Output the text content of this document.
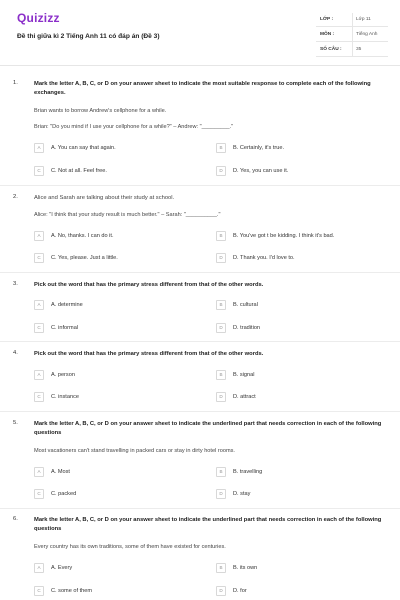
Quizizz
Đề thi giữa kì 2 Tiếng Anh 11 có đáp án (Đề 3)
LỚP :	Lớp 11
MÔN :	Tiếng Anh
SỐ CÂU :	35
1.	Mark the letter A, B, C, or D on your answer sheet to indicate the most suitable response to complete each of the following exchanges.
Brian wants to borrow Andrew's cellphone for a while.
Brian: "Do you mind if I use your cellphone for a while?" – Andrew: "_________."
A	A. You can say that again.	B	B. Certainly, it's true.
C	C. Not at all. Feel free.	D	D. Yes, you can use it.
2.	Alice and Sarah are talking about their study at school.
Alice: "I think that your study result is much better." – Sarah: "__________."
A	A. No, thanks. I can do it.	B	B. You've got t be kidding. I think it's bad.
C	C. Yes, please. Just a little.	D	D. Thank you. I'd love to.
3.	Pick out the word that has the primary stress different from that of the other words.
A	A. determine	B	B. cultural
C	C. informal	D	D. tradition
4.	Pick out the word that has the primary stress different from that of the other words.
A	A. person	B	B. signal
C	C. instance	D	D. attract
5.	Mark the letter A, B, C, or D on your answer sheet to indicate the underlined part that needs correction in each of the following questions
Most vacationers can't stand travelling in packed cars or stay in dirty hotel rooms.
A	A. Most	B	B. travelling
C	C. packed	D	D. stay
6.	Mark the letter A, B, C, or D on your answer sheet to indicate the underlined part that needs correction in each of the following questions
Every country has its own traditions, some of them have existed for centuries.
A	A. Every	B	B. its own
C	C. some of them	D	D. for
